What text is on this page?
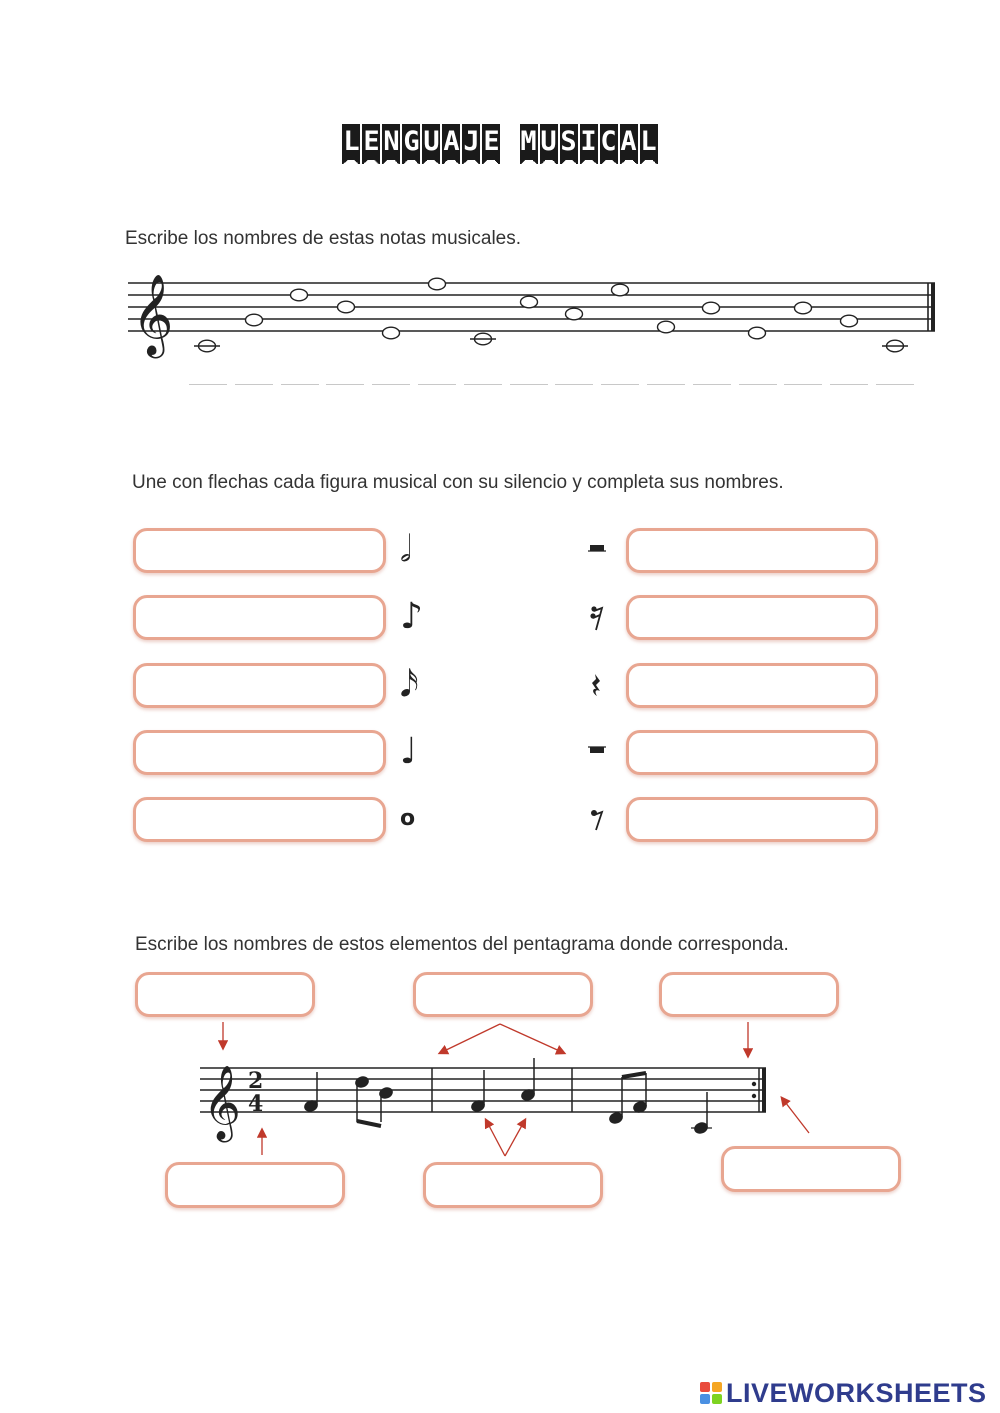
L E N G U A J E M U S I C A L

Escribe los nombres de estas notas musicales.

𝄞

Une con flechas cada figura musical con su silencio y completa sus nombres.

𝅗𝅥
♪
𝅘𝅥𝅯
♩
o

Escribe los nombres de estos elementos del pentagrama donde corresponda.

𝄞 2
4
LIVEWORKSHEETS
